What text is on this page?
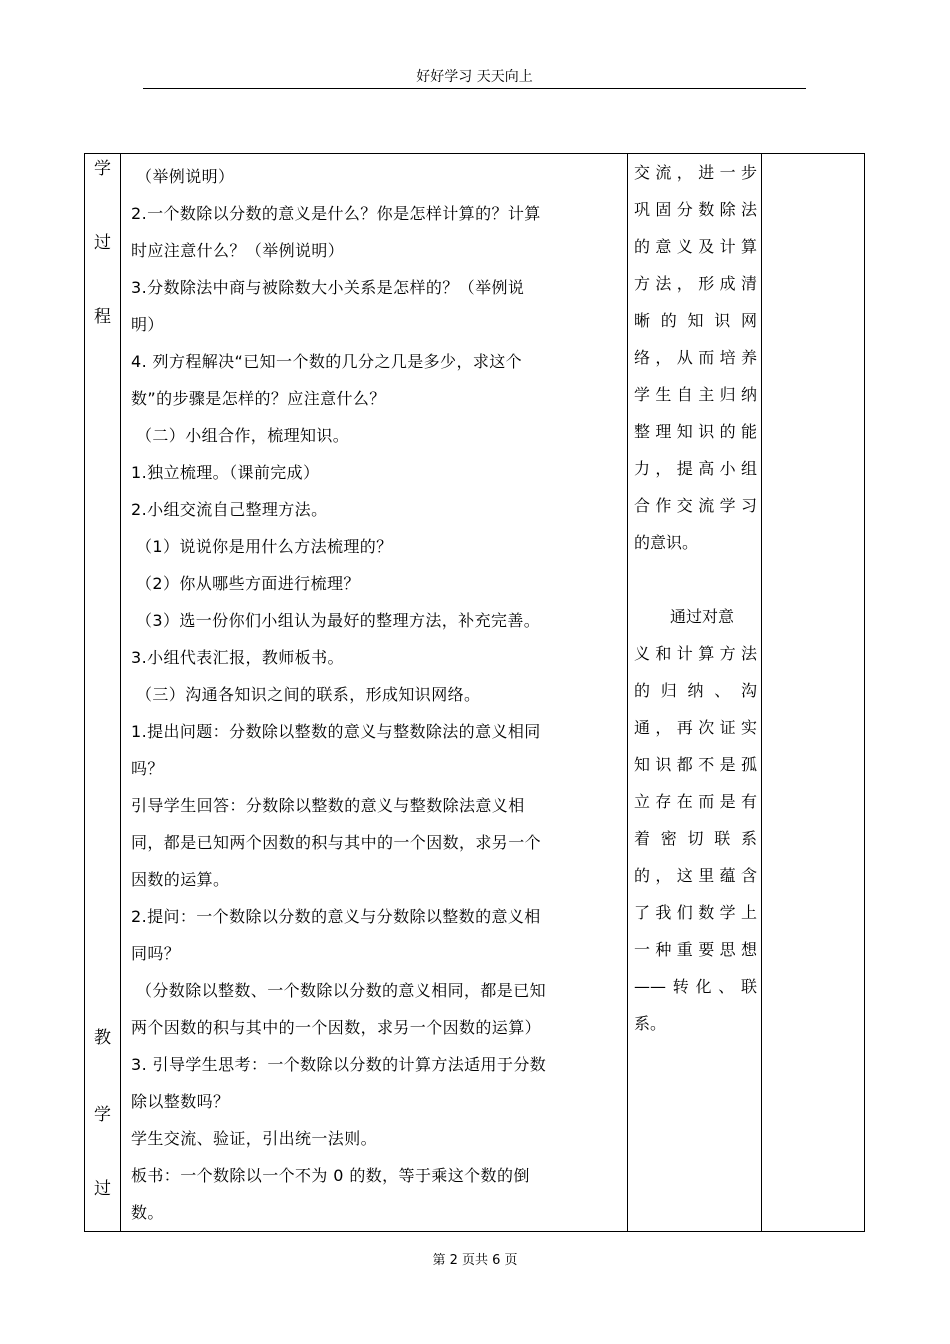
好好学习 天天向上
学
过
程
教
学
过

（举例说明）
2.一个数除以分数的意义是什么？你是怎样计算的？计算
时应注意什么？（举例说明）
3.分数除法中商与被除数大小关系是怎样的？（举例说
明）
4. 列方程解决“已知一个数的几分之几是多少，求这个
数”的步骤是怎样的？应注意什么？
（二）小组合作，梳理知识。
1.独立梳理。（课前完成）
2.小组交流自己整理方法。
（1）说说你是用什么方法梳理的？
（2）你从哪些方面进行梳理？
（3）选一份你们小组认为最好的整理方法，补充完善。
3.小组代表汇报，教师板书。
（三）沟通各知识之间的联系，形成知识网络。
1.提出问题：分数除以整数的意义与整数除法的意义相同
吗？
引导学生回答：分数除以整数的意义与整数除法意义相
同，都是已知两个因数的积与其中的一个因数，求另一个
因数的运算。
2.提问：一个数除以分数的意义与分数除以整数的意义相
同吗？
（分数除以整数、一个数除以分数的意义相同，都是已知
两个因数的积与其中的一个因数，求另一个因数的运算）
3. 引导学生思考：一个数除以分数的计算方法适用于分数
除以整数吗？
学生交流、验证，引出统一法则。
板书：一个数除以一个不为 0 的数，等于乘这个数的倒
数。

交流，进一步
巩固分数除法
的意义及计算
方法，形成清
晰的知识网
络，从而培养
学生自主归纳
整理知识的能
力，提高小组
合作交流学习
的意识。
通过对意
义和计算方法
的归纳、沟
通，再次证实
知识都不是孤
立存在而是有
着密切联系
的，这里蕴含
了我们数学上
一种重要思想
——转化、联
系。

第 2 页共 6 页
